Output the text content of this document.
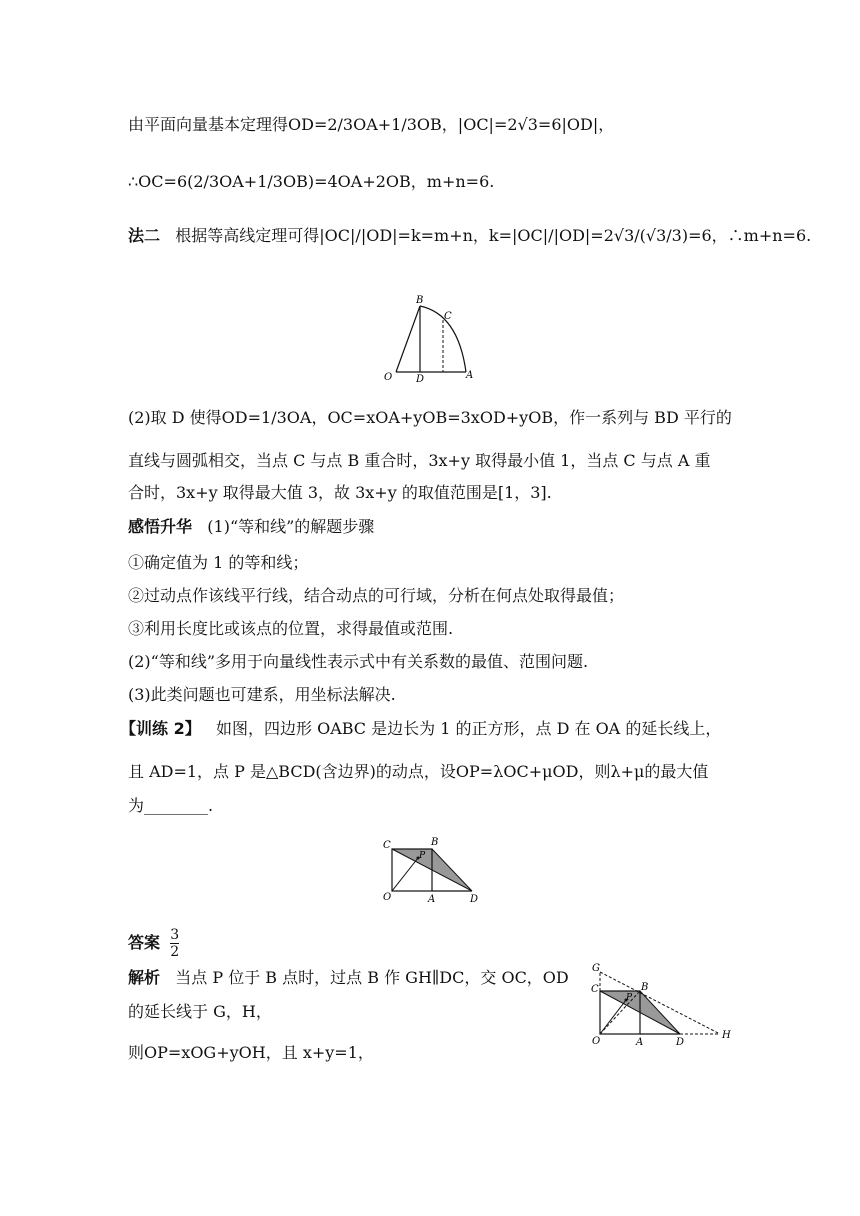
由平面向量基本定理得OD=2/3OA+1/3OB，|OC|=2√3=6|OD|，
∴OC=6(2/3OA+1/3OB)=4OA+2OB，m+n=6.
法二 根据等高线定理可得|OC|/|OD|=k=m+n，k=|OC|/|OD|=2√3/(√3/3)=6，∴m+n=6.
O D	A
B
C
(2)取 D 使得OD=1/3OA，OC=xOA+yOB=3xOD+yOB，作一系列与 BD 平行的
直线与圆弧相交，当点 C 与点 B 重合时，3x+y 取得最小值 1，当点 C 与点 A 重
合时，3x+y 取得最大值 3，故 3x+y 的取值范围是[1，3].
感悟升华 (1)“等和线”的解题步骤
①确定值为 1 的等和线；
②过动点作该线平行线，结合动点的可行域，分析在何点处取得最值；
③利用长度比或该点的位置，求得最值或范围.
(2)“等和线”多用于向量线性表示式中有关系数的最值、范围问题.
(3)此类问题也可建系，用坐标法解决.
【训练 2】 如图，四边形 OABC 是边长为 1 的正方形，点 D 在 OA 的延长线上，
且 AD=1，点 P 是△BCD(含边界)的动点，设OP=λOC+μOD，则λ+μ的最大值
为________.
C	B
P
O	A	D
答案 $\frac{3}{2}$
解析 当点 P 位于 B 点时，过点 B 作 GH∥DC，交 OC，OD
的延长线于 G，H，
则OP=xOG+yOH，且 x+y=1，
G
C	B
P
O	A	D
H
